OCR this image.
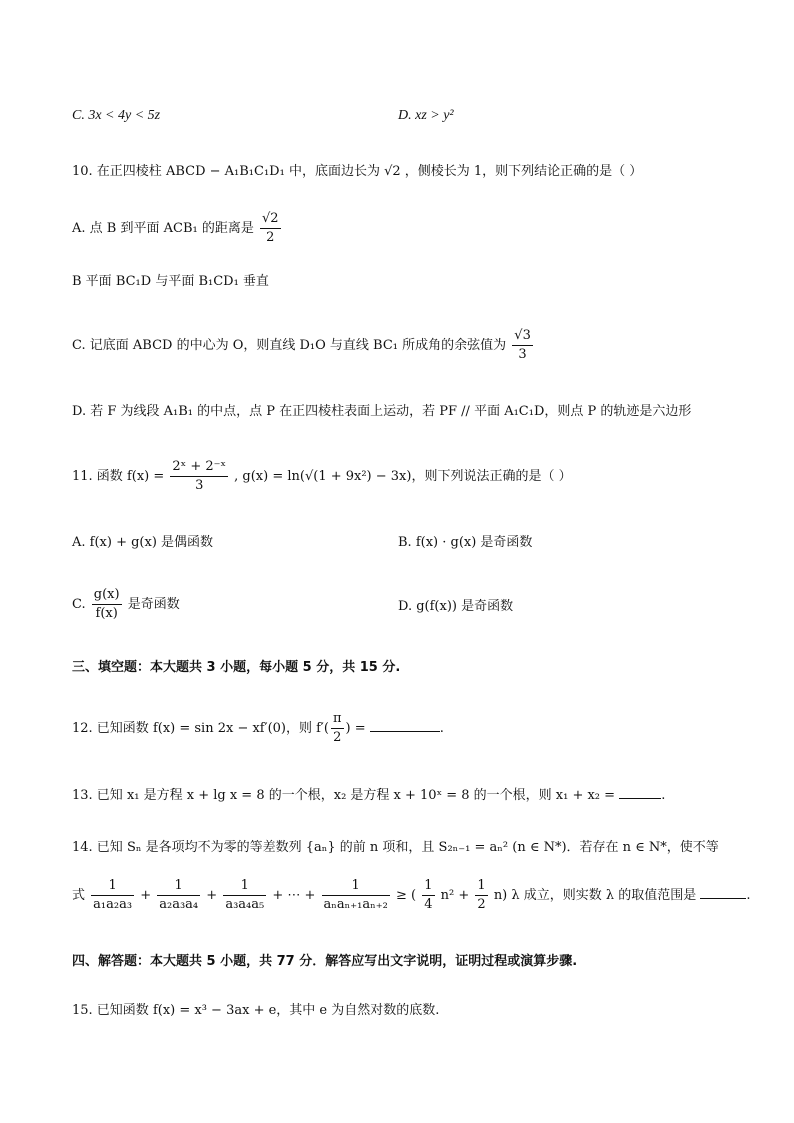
C. 3x < 4y < 5z	D. xz > y²
10. 在正四棱柱 ABCD − A₁B₁C₁D₁ 中，底面边长为 √2 ，侧棱长为 1，则下列结论正确的是（ ）
A. 点 B 到平面 ACB₁ 的距离是 $\frac{√2}{2}$
B 平面 BC₁D 与平面 B₁CD₁ 垂直
C. 记底面 ABCD 的中心为 O，则直线 D₁O 与直线 BC₁ 所成角的余弦值为 $\frac{√3}{3}$
D. 若 F 为线段 A₁B₁ 的中点，点 P 在正四棱柱表面上运动，若 PF // 平面 A₁C₁D，则点 P 的轨迹是六边形
11. 函数 $f(x) = \frac{\text{2ˣ + 2⁻ˣ}}{3}$ , g(x) = ln(√(1 + 9x²) − 3x)，则下列说法正确的是（ ）
A. f(x) + g(x) 是偶函数	B. f(x) · g(x) 是奇函数
C. $\frac{g(x)}{f(x)}$ 是奇函数	D. g(f(x)) 是奇函数
三、填空题：本大题共 3 小题，每小题 5 分，共 15 分.
12. 已知函数 f(x) = sin 2x − xf′(0)，则 $f'( \frac{\pi}{2}$ ) =	.
13. 已知 x₁ 是方程 x + lg x = 8 的一个根，x₂ 是方程 x + 10ˣ = 8 的一个根，则 x₁ + x₂ =	.
14. 已知 Sₙ 是各项均不为零的等差数列 {aₙ} 的前 n 项和，且 S₂ₙ₋₁ = aₙ² (n ∈ N*)．若存在 n ∈ N*，使不等
式 $\frac{1}{\text{a₁a₂a₃}} + \frac{1}{\text{a₂a₃a₄}} + \frac{1}{\text{a₃a₄a₅}}$ + ⋯ + $\frac{1}{\text{aₙaₙ₊₁aₙ₊₂}}$ ≥ ( $\frac{1}{4} n^2 + \frac{1}{2} n$) λ 成立，则实数 λ 的取值范围是	.
四、解答题：本大题共 5 小题，共 77 分．解答应写出文字说明，证明过程或演算步骤.
15. 已知函数 f(x) = x³ − 3ax + e，其中 e 为自然对数的底数.
